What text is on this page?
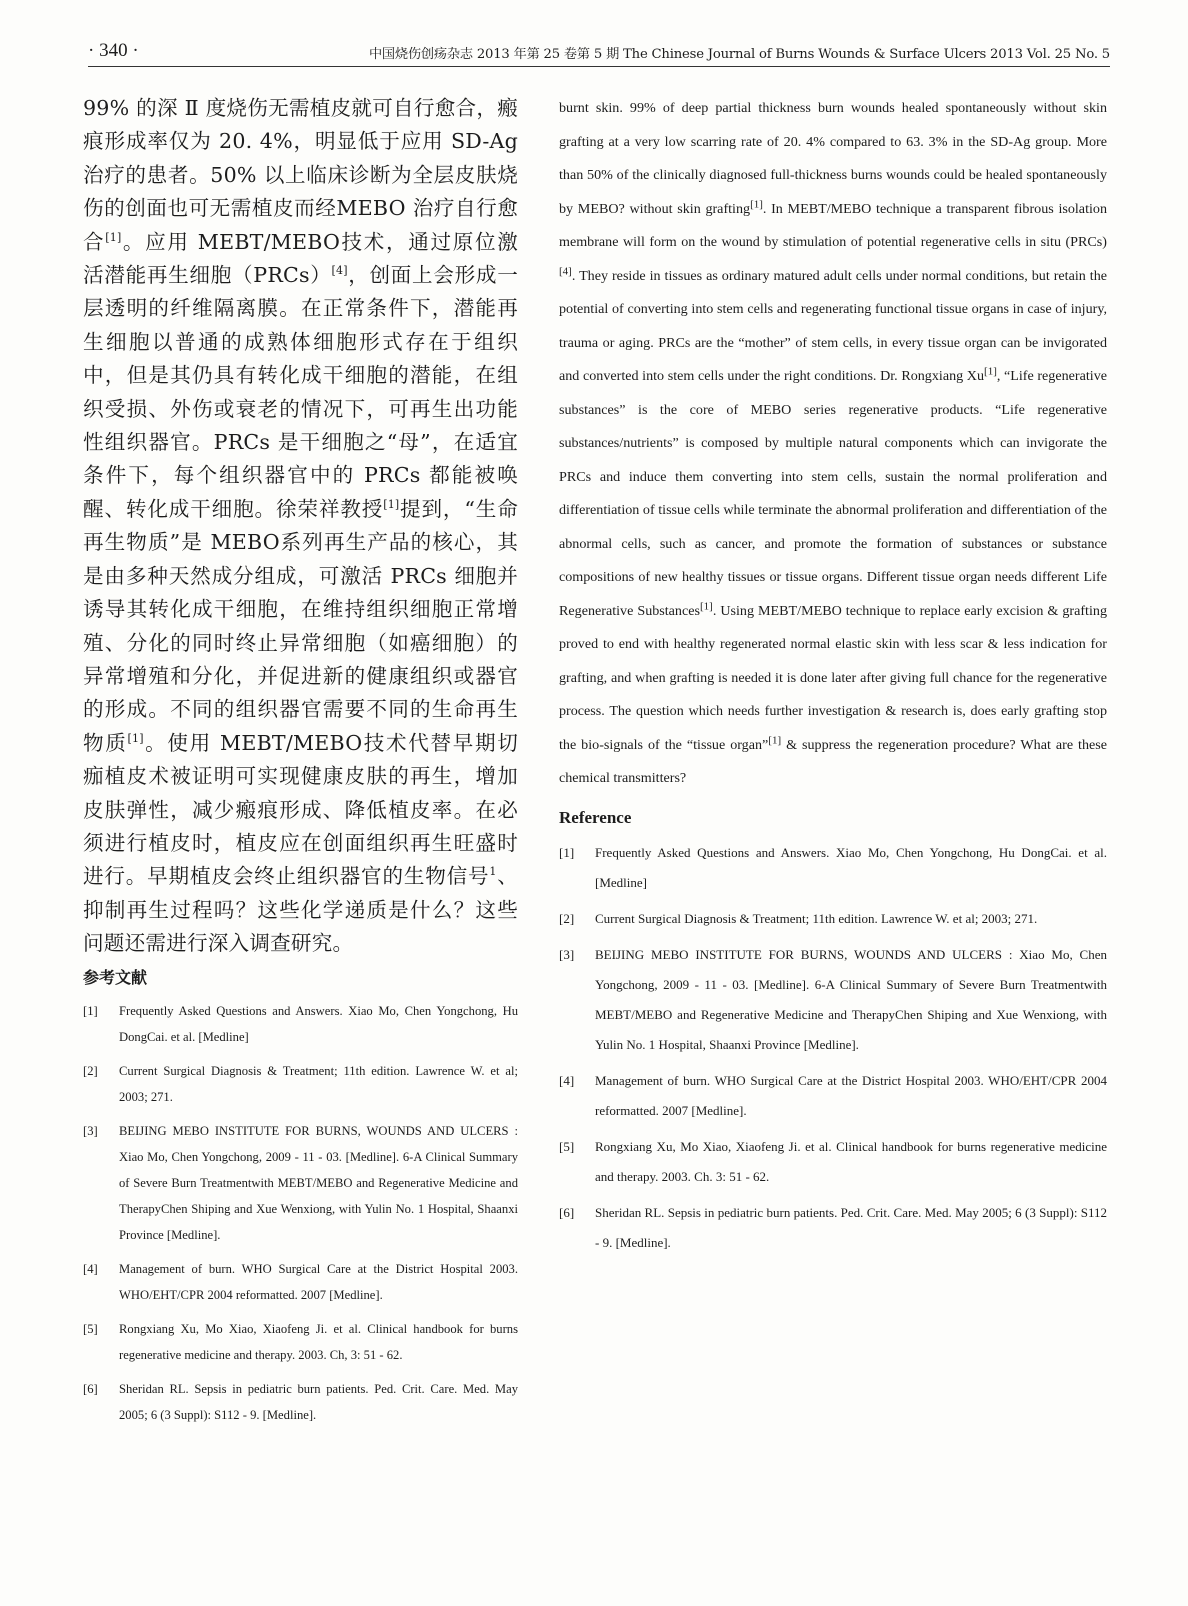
· 340 ·	中国烧伤创疡杂志 2013 年第 25 卷第 5 期 The Chinese Journal of Burns Wounds & Surface Ulcers 2013 Vol. 25 No. 5
99% 的深 Ⅱ 度烧伤无需植皮就可自行愈合，瘢痕形成率仅为 20. 4%，明显低于应用 SD-Ag治疗的患者。50% 以上临床诊断为全层皮肤烧伤的创面也可无需植皮而经MEBO 治疗自行愈合[1]。应用 MEBT/MEBO技术，通过原位激活潜能再生细胞（PRCs）[4]，创面上会形成一层透明的纤维隔离膜。在正常条件下，潜能再生细胞以普通的成熟体细胞形式存在于组织中，但是其仍具有转化成干细胞的潜能，在组织受损、外伤或衰老的情况下，可再生出功能性组织器官。PRCs 是干细胞之“母”，在适宜条件下，每个组织器官中的 PRCs 都能被唤醒、转化成干细胞。徐荣祥教授[1]提到，“生命再生物质”是 MEBO系列再生产品的核心，其是由多种天然成分组成，可激活 PRCs 细胞并诱导其转化成干细胞，在维持组织细胞正常增殖、分化的同时终止异常细胞（如癌细胞）的异常增殖和分化，并促进新的健康组织或器官的形成。不同的组织器官需要不同的生命再生物质[1]。使用 MEBT/MEBO技术代替早期切痂植皮术被证明可实现健康皮肤的再生，增加皮肤弹性，减少瘢痕形成、降低植皮率。在必须进行植皮时，植皮应在创面组织再生旺盛时进行。早期植皮会终止组织器官的生物信号$^1$、抑制再生过程吗？这些化学递质是什么？这些问题还需进行深入调查研究。
参考文献
[1] Frequently Asked Questions and Answers. Xiao Mo, Chen Yongchong, Hu DongCai. et al. [Medline]
[2] Current Surgical Diagnosis & Treatment; 11th edition. Lawrence W. et al; 2003; 271.
[3] BEIJING MEBO INSTITUTE FOR BURNS, WOUNDS AND ULCERS : Xiao Mo, Chen Yongchong, 2009 - 11 - 03. [Medline]. 6-A Clinical Summary of Severe Burn Treatmentwith MEBT/MEBO and Regenerative Medicine and TherapyChen Shiping and Xue Wenxiong, with Yulin No. 1 Hospital, Shaanxi Province [Medline].
[4] Management of burn. WHO Surgical Care at the District Hospital 2003. WHO/EHT/CPR 2004 reformatted. 2007 [Medline].
[5] Rongxiang Xu, Mo Xiao, Xiaofeng Ji. et al. Clinical handbook for burns regenerative medicine and therapy. 2003. Ch, 3: 51 - 62.
[6] Sheridan RL. Sepsis in pediatric burn patients. Ped. Crit. Care. Med. May 2005; 6 (3 Suppl): S112 - 9. [Medline].
burnt skin. 99% of deep partial thickness burn wounds healed spontaneously without skin grafting at a very low scarring rate of 20. 4% compared to 63. 3% in the SD-Ag group. More than 50% of the clinically diagnosed full-thickness burns wounds could be healed spontaneously by MEBO? without skin grafting[1]. In MEBT/MEBO technique a transparent fibrous isolation membrane will form on the wound by stimulation of potential regenerative cells in situ (PRCs)[4]. They reside in tissues as ordinary matured adult cells under normal conditions, but retain the potential of converting into stem cells and regenerating functional tissue organs in case of injury, trauma or aging. PRCs are the “mother” of stem cells, in every tissue organ can be invigorated and converted into stem cells under the right conditions. Dr. Rongxiang Xu[1], “Life regenerative substances” is the core of MEBO series regenerative products. “Life regenerative substances/nutrients” is composed by multiple natural components which can invigorate the PRCs and induce them converting into stem cells, sustain the normal proliferation and differentiation of tissue cells while terminate the abnormal proliferation and differentiation of the abnormal cells, such as cancer, and promote the formation of substances or substance compositions of new healthy tissues or tissue organs. Different tissue organ needs different Life Regenerative Substances[1]. Using MEBT/MEBO technique to replace early excision & grafting proved to end with healthy regenerated normal elastic skin with less scar & less indication for grafting, and when grafting is needed it is done later after giving full chance for the regenerative process. The question which needs further investigation & research is, does early grafting stop the bio-signals of the “tissue organ”[1] & suppress the regeneration procedure? What are these chemical transmitters?
Reference
[1] Frequently Asked Questions and Answers. Xiao Mo, Chen Yongchong, Hu DongCai. et al. [Medline]
[2] Current Surgical Diagnosis & Treatment; 11th edition. Lawrence W. et al; 2003; 271.
[3] BEIJING MEBO INSTITUTE FOR BURNS, WOUNDS AND ULCERS : Xiao Mo, Chen Yongchong, 2009 - 11 - 03. [Medline]. 6-A Clinical Summary of Severe Burn Treatmentwith MEBT/MEBO and Regenerative Medicine and TherapyChen Shiping and Xue Wenxiong, with Yulin No. 1 Hospital, Shaanxi Province [Medline].
[4] Management of burn. WHO Surgical Care at the District Hospital 2003. WHO/EHT/CPR 2004 reformatted. 2007 [Medline].
[5] Rongxiang Xu, Mo Xiao, Xiaofeng Ji. et al. Clinical handbook for burns regenerative medicine and therapy. 2003. Ch. 3: 51 - 62.
[6] Sheridan RL. Sepsis in pediatric burn patients. Ped. Crit. Care. Med. May 2005; 6 (3 Suppl): S112 - 9. [Medline].
